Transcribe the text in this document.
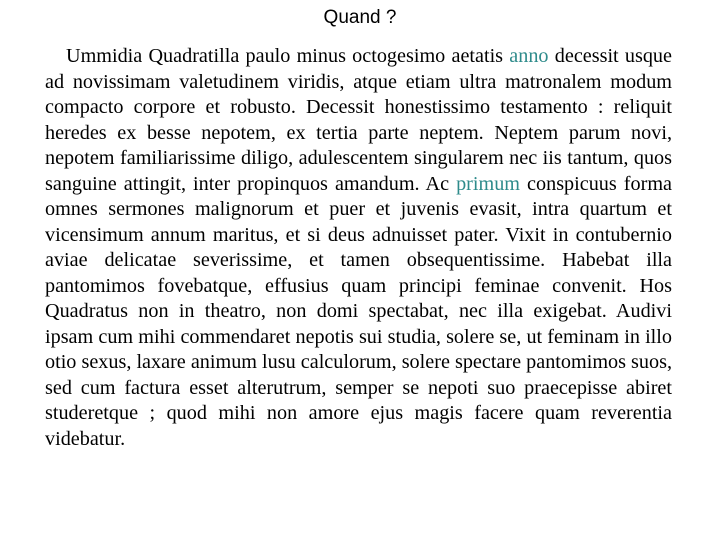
Quand ?

Ummidia Quadratilla paulo minus octogesimo aetatis anno decessit usque ad novissimam valetudinem viridis, atque etiam ultra matronalem modum compacto corpore et robusto. Decessit honestissimo testamento : reliquit heredes ex besse nepotem, ex tertia parte neptem. Neptem parum novi, nepotem familiarissime diligo, adulescentem singularem nec iis tantum, quos sanguine attingit, inter propinquos amandum. Ac primum conspicuus forma omnes sermones malignorum et puer et juvenis evasit, intra quartum et vicensimum annum maritus, et si deus adnuisset pater. Vixit in contubernio aviae delicatae severissime, et tamen obsequentissime. Habebat illa pantomimos fovebatque, effusius quam principi feminae convenit. Hos Quadratus non in theatro, non domi spectabat, nec illa exigebat. Audivi ipsam cum mihi commendaret nepotis sui studia, solere se, ut feminam in illo otio sexus, laxare animum lusu calculorum, solere spectare pantomimos suos, sed cum factura esset alterutrum, semper se nepoti suo praecepisse abiret studeretque ; quod mihi non amore ejus magis facere quam reverentia videbatur.
